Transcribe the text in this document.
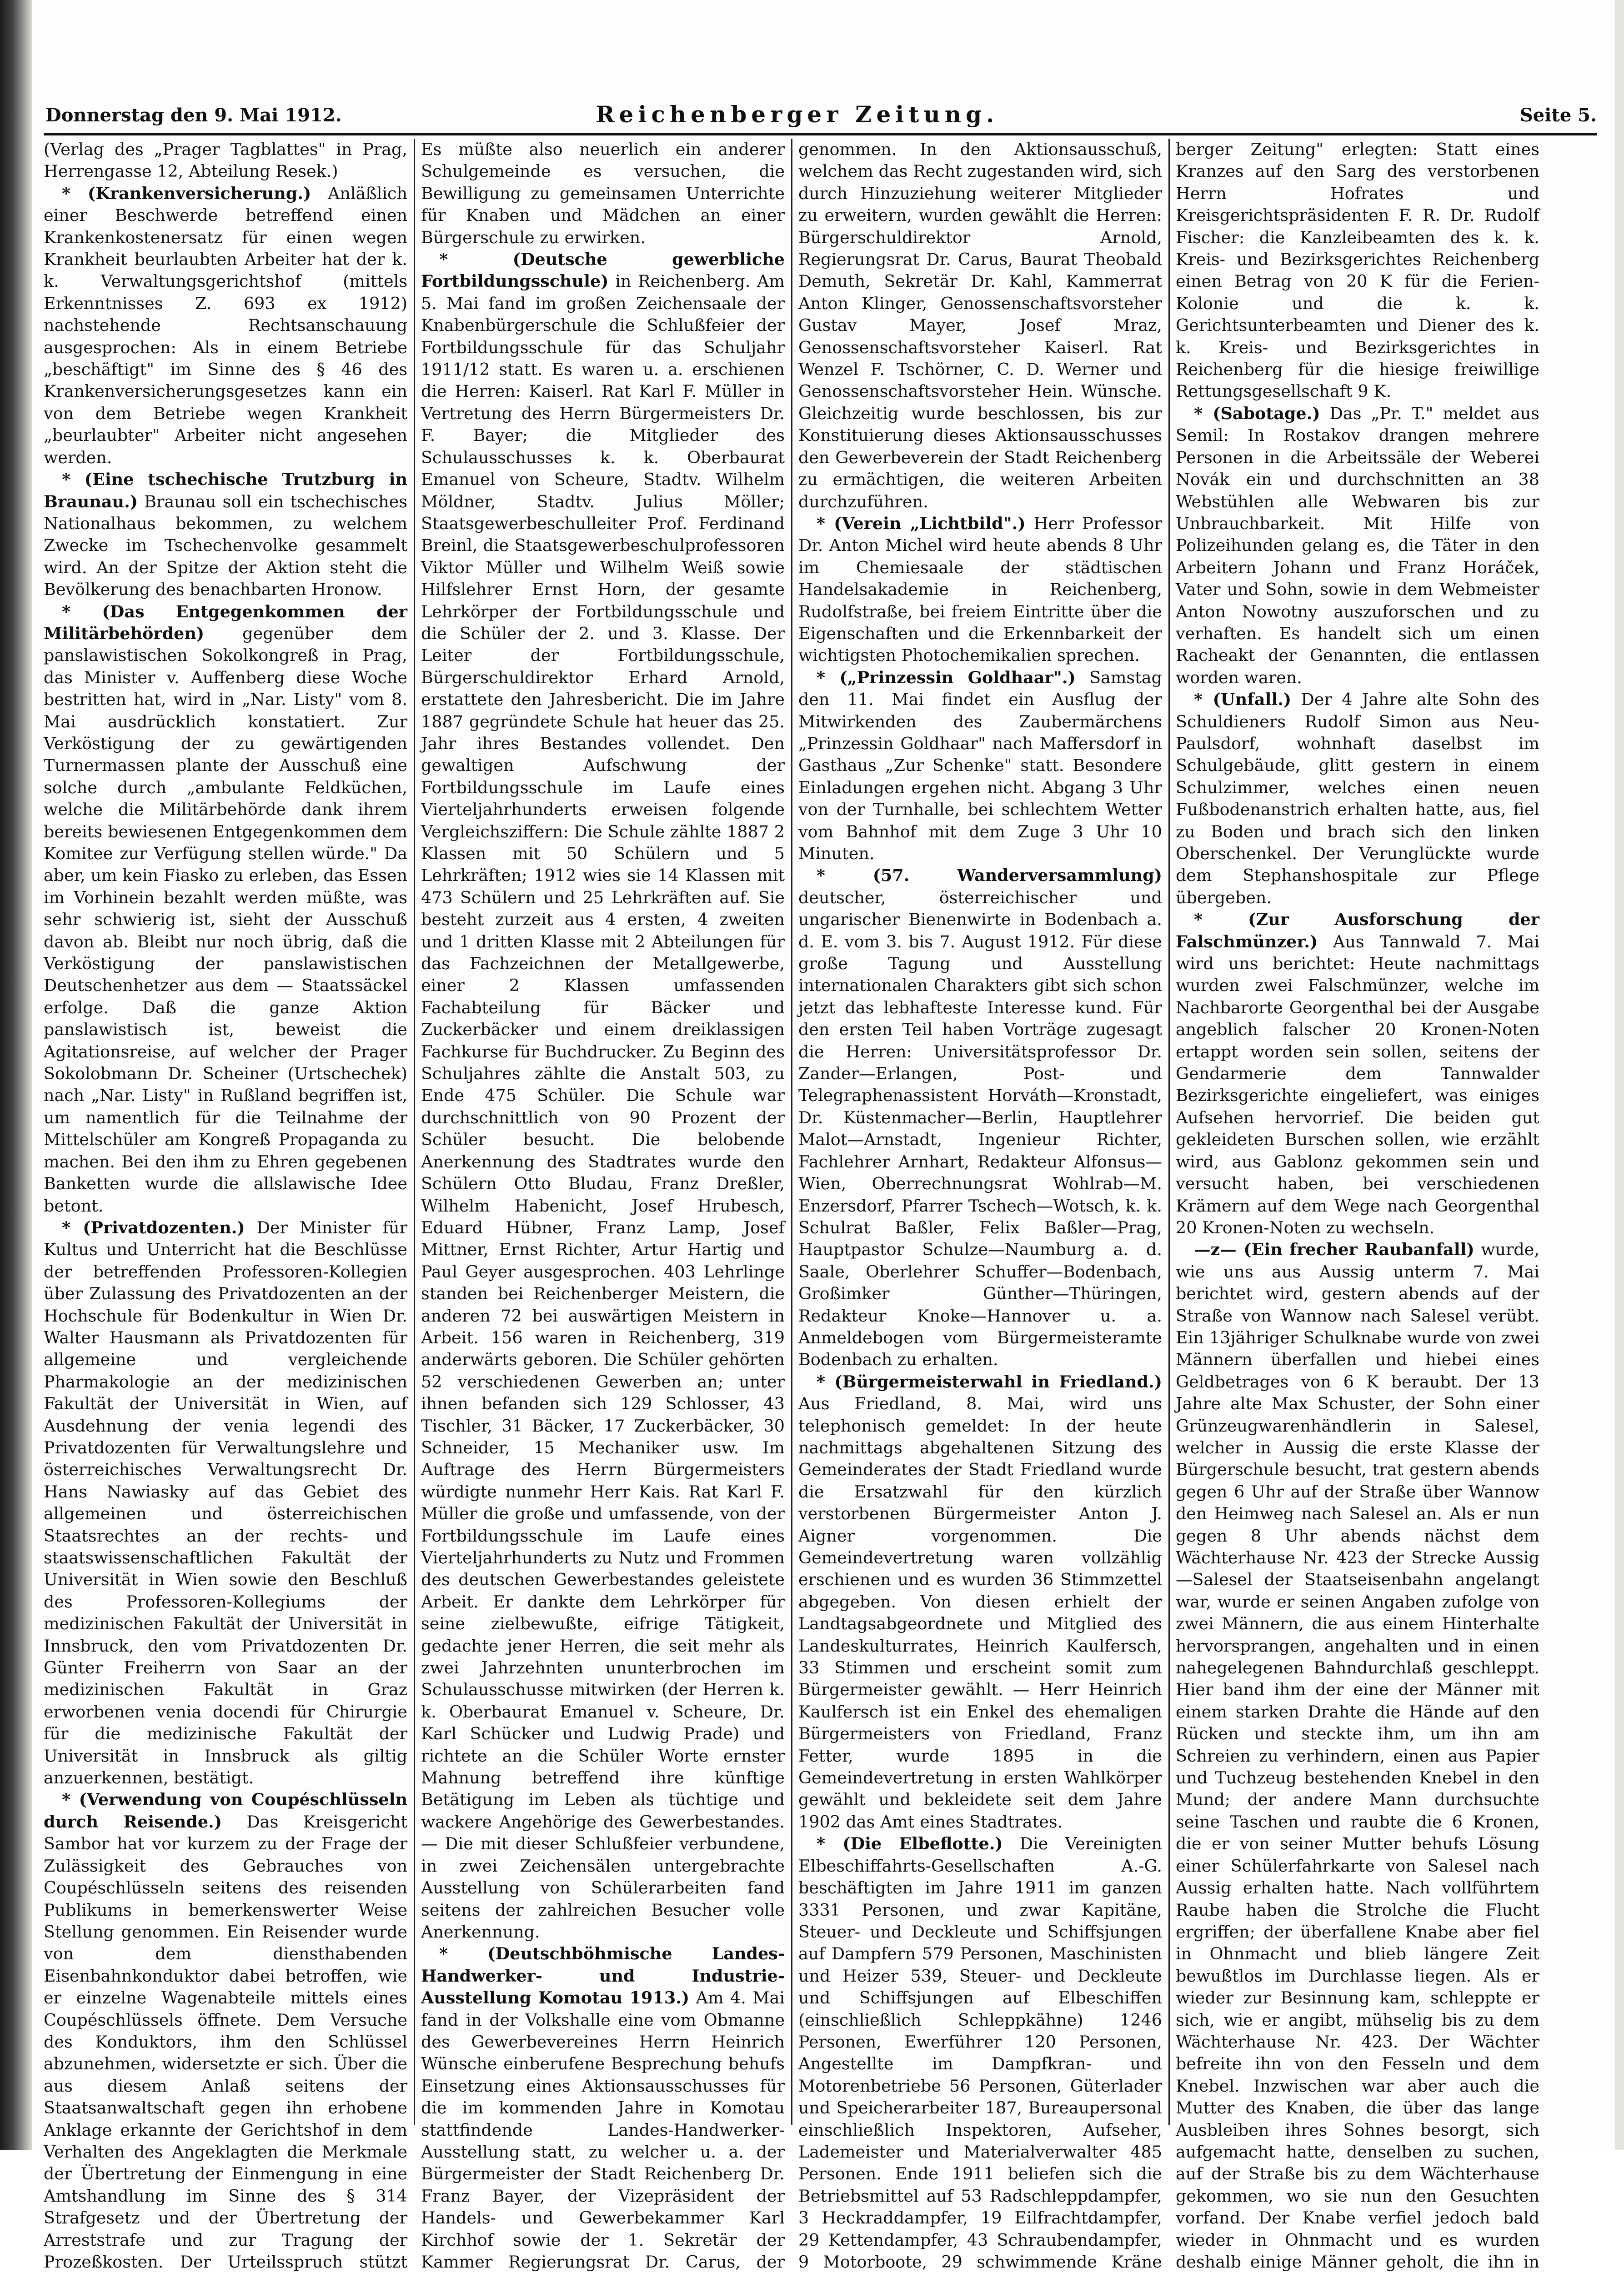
Donnerstag den 9. Mai 1912.	Reichenberger Zeitung.	Seite 5.

(Verlag des „Prager Tagblattes" in Prag, Herrengasse 12, Abteilung Resek.)

* (Krankenversicherung.) Anläßlich einer Beschwerde betreffend einen Krankenkostenersatz für einen wegen Krankheit beurlaubten Arbeiter hat der k. k. Verwaltungsgerichtshof (mittels Erkenntnisses Z. 693 ex 1912) nachstehende Rechtsanschauung ausgesprochen: Als in einem Betriebe „beschäftigt" im Sinne des § 46 des Krankenversicherungsgesetzes kann ein von dem Betriebe wegen Krankheit „beurlaubter" Arbeiter nicht angesehen werden.

* (Eine tschechische Trutzburg in Braunau.) Braunau soll ein tschechisches Nationalhaus bekommen, zu welchem Zwecke im Tschechenvolke gesammelt wird. An der Spitze der Aktion steht die Bevölkerung des benachbarten Hronow.

* (Das Entgegenkommen der Militärbehörden) gegenüber dem panslawistischen Sokolkongreß in Prag, das Minister v. Auffenberg diese Woche bestritten hat, wird in „Nar. Listy" vom 8. Mai ausdrücklich konstatiert. Zur Verköstigung der zu gewärtigenden Turnermassen plante der Ausschuß eine solche durch „ambulante Feldküchen, welche die Militärbehörde dank ihrem bereits bewiesenen Entgegenkommen dem Komitee zur Verfügung stellen würde." Da aber, um kein Fiasko zu erleben, das Essen im Vorhinein bezahlt werden müßte, was sehr schwierig ist, sieht der Ausschuß davon ab. Bleibt nur noch übrig, daß die Verköstigung der panslawistischen Deutschenhetzer aus dem — Staatssäckel erfolge. Daß die ganze Aktion panslawistisch ist, beweist die Agitationsreise, auf welcher der Prager Sokolobmann Dr. Scheiner (Urtschechek) nach „Nar. Listy" in Rußland begriffen ist, um namentlich für die Teilnahme der Mittelschüler am Kongreß Propaganda zu machen. Bei den ihm zu Ehren gegebenen Banketten wurde die allslawische Idee betont.

* (Privatdozenten.) Der Minister für Kultus und Unterricht hat die Beschlüsse der betreffenden Professoren-Kollegien über Zulassung des Privatdozenten an der Hochschule für Bodenkultur in Wien Dr. Walter Hausmann als Privatdozenten für allgemeine und vergleichende Pharmakologie an der medizinischen Fakultät der Universität in Wien, auf Ausdehnung der venia legendi des Privatdozenten für Verwaltungslehre und österreichisches Verwaltungsrecht Dr. Hans Nawiasky auf das Gebiet des allgemeinen und österreichischen Staatsrechtes an der rechts- und staatswissenschaftlichen Fakultät der Universität in Wien sowie den Beschluß des Professoren-Kollegiums der medizinischen Fakultät der Universität in Innsbruck, den vom Privatdozenten Dr. Günter Freiherrn von Saar an der medizinischen Fakultät in Graz erworbenen venia docendi für Chirurgie für die medizinische Fakultät der Universität in Innsbruck als giltig anzuerkennen, bestätigt.

* (Verwendung von Coupéschlüsseln durch Reisende.) Das Kreisgericht Sambor hat vor kurzem zu der Frage der Zulässigkeit des Gebrauches von Coupéschlüsseln seitens des reisenden Publikums in bemerkenswerter Weise Stellung genommen. Ein Reisender wurde von dem diensthabenden Eisenbahnkonduktor dabei betroffen, wie er einzelne Wagenabteile mittels eines Coupéschlüssels öffnete. Dem Versuche des Konduktors, ihm den Schlüssel abzunehmen, widersetzte er sich. Über die aus diesem Anlaß seitens der Staatsanwaltschaft gegen ihn erhobene Anklage erkannte der Gerichtshof in dem Verhalten des Angeklagten die Merkmale der Übertretung der Einmengung in eine Amtshandlung im Sinne des § 314 Strafgesetz und der Übertretung der Arreststrafe und zur Tragung der Prozeßkosten. Der Urteilsspruch stützt

Es müßte also neuerlich ein anderer Schulgemeinde es versuchen, die Bewilligung zu gemeinsamen Unterrichte für Knaben und Mädchen an einer Bürgerschule zu erwirken.

* (Deutsche gewerbliche Fortbildungsschule) in Reichenberg. Am 5. Mai fand im großen Zeichensaale der Knabenbürgerschule die Schlußfeier der Fortbildungsschule für das Schuljahr 1911/12 statt. Es waren u. a. erschienen die Herren: Kaiserl. Rat Karl F. Müller in Vertretung des Herrn Bürgermeisters Dr. F. Bayer; die Mitglieder des Schulausschusses k. k. Oberbaurat Emanuel von Scheure, Stadtv. Wilhelm Möldner, Stadtv. Julius Möller; Staatsgewerbeschulleiter Prof. Ferdinand Breinl, die Staatsgewerbeschulprofessoren Viktor Müller und Wilhelm Weiß sowie Hilfslehrer Ernst Horn, der gesamte Lehrkörper der Fortbildungsschule und die Schüler der 2. und 3. Klasse. Der Leiter der Fortbildungsschule, Bürgerschuldirektor Erhard Arnold, erstattete den Jahresbericht. Die im Jahre 1887 gegründete Schule hat heuer das 25. Jahr ihres Bestandes vollendet. Den gewaltigen Aufschwung der Fortbildungsschule im Laufe eines Vierteljahrhunderts erweisen folgende Vergleichsziffern: Die Schule zählte 1887 2 Klassen mit 50 Schülern und 5 Lehrkräften; 1912 wies sie 14 Klassen mit 473 Schülern und 25 Lehrkräften auf. Sie besteht zurzeit aus 4 ersten, 4 zweiten und 1 dritten Klasse mit 2 Abteilungen für das Fachzeichnen der Metallgewerbe, einer 2 Klassen umfassenden Fachabteilung für Bäcker und Zuckerbäcker und einem dreiklassigen Fachkurse für Buchdrucker. Zu Beginn des Schuljahres zählte die Anstalt 503, zu Ende 475 Schüler. Die Schule war durchschnittlich von 90 Prozent der Schüler besucht. Die belobende Anerkennung des Stadtrates wurde den Schülern Otto Bludau, Franz Dreßler, Wilhelm Habenicht, Josef Hrubesch, Eduard Hübner, Franz Lamp, Josef Mittner, Ernst Richter, Artur Hartig und Paul Geyer ausgesprochen. 403 Lehrlinge standen bei Reichenberger Meistern, die anderen 72 bei auswärtigen Meistern in Arbeit. 156 waren in Reichenberg, 319 anderwärts geboren. Die Schüler gehörten 52 verschiedenen Gewerben an; unter ihnen befanden sich 129 Schlosser, 43 Tischler, 31 Bäcker, 17 Zuckerbäcker, 30 Schneider, 15 Mechaniker usw. Im Auftrage des Herrn Bürgermeisters würdigte nunmehr Herr Kais. Rat Karl F. Müller die große und umfassende, von der Fortbildungsschule im Laufe eines Vierteljahrhunderts zu Nutz und Frommen des deutschen Gewerbestandes geleistete Arbeit. Er dankte dem Lehrkörper für seine zielbewußte, eifrige Tätigkeit, gedachte jener Herren, die seit mehr als zwei Jahrzehnten ununterbrochen im Schulausschusse mitwirken (der Herren k. k. Oberbaurat Emanuel v. Scheure, Dr. Karl Schücker und Ludwig Prade) und richtete an die Schüler Worte ernster Mahnung betreffend ihre künftige Betätigung im Leben als tüchtige und wackere Angehörige des Gewerbestandes. — Die mit dieser Schlußfeier verbundene, in zwei Zeichensälen untergebrachte Ausstellung von Schülerarbeiten fand seitens der zahlreichen Besucher volle Anerkennung.

* (Deutschböhmische Landes-Handwerker- und Industrie-Ausstellung Komotau 1913.) Am 4. Mai fand in der Volkshalle eine vom Obmanne des Gewerbevereines Herrn Heinrich Wünsche einberufene Besprechung behufs Einsetzung eines Aktionsausschusses für die im kommenden Jahre in Komotau stattfindende Landes-Handwerker-Ausstellung statt, zu welcher u. a. der Bürgermeister der Stadt Reichenberg Dr. Franz Bayer, der Vizepräsident der Handels- und Gewerbekammer Karl Kirchhof sowie der 1. Sekretär der Kammer Regierungsrat Dr. Carus, der

genommen. In den Aktionsausschuß, welchem das Recht zugestanden wird, sich durch Hinzuziehung weiterer Mitglieder zu erweitern, wurden gewählt die Herren: Bürgerschuldirektor Arnold, Regierungsrat Dr. Carus, Baurat Theobald Demuth, Sekretär Dr. Kahl, Kammerrat Anton Klinger, Genossenschaftsvorsteher Gustav Mayer, Josef Mraz, Genossenschaftsvorsteher Kaiserl. Rat Wenzel F. Tschörner, C. D. Werner und Genossenschaftsvorsteher Hein. Wünsche. Gleichzeitig wurde beschlossen, bis zur Konstituierung dieses Aktionsausschusses den Gewerbeverein der Stadt Reichenberg zu ermächtigen, die weiteren Arbeiten durchzuführen.

* (Verein „Lichtbild".) Herr Professor Dr. Anton Michel wird heute abends 8 Uhr im Chemiesaale der städtischen Handelsakademie in Reichenberg, Rudolfstraße, bei freiem Eintritte über die Eigenschaften und die Erkennbarkeit der wichtigsten Photochemikalien sprechen.

* („Prinzessin Goldhaar".) Samstag den 11. Mai findet ein Ausflug der Mitwirkenden des Zaubermärchens „Prinzessin Goldhaar" nach Maffersdorf in Gasthaus „Zur Schenke" statt. Besondere Einladungen ergehen nicht. Abgang 3 Uhr von der Turnhalle, bei schlechtem Wetter vom Bahnhof mit dem Zuge 3 Uhr 10 Minuten.

* (57. Wanderversammlung) deutscher, österreichischer und ungarischer Bienenwirte in Bodenbach a. d. E. vom 3. bis 7. August 1912. Für diese große Tagung und Ausstellung internationalen Charakters gibt sich schon jetzt das lebhafteste Interesse kund. Für den ersten Teil haben Vorträge zugesagt die Herren: Universitätsprofessor Dr. Zander—Erlangen, Post- und Telegraphenassistent Horváth—Kronstadt, Dr. Küstenmacher—Berlin, Hauptlehrer Malot—Arnstadt, Ingenieur Richter, Fachlehrer Arnhart, Redakteur Alfonsus—Wien, Oberrechnungsrat Wohlrab—M. Enzersdorf, Pfarrer Tschech—Wotsch, k. k. Schulrat Baßler, Felix Baßler—Prag, Hauptpastor Schulze—Naumburg a. d. Saale, Oberlehrer Schuffer—Bodenbach, Großimker Günther—Thüringen, Redakteur Knoke—Hannover u. a. Anmeldebogen vom Bürgermeisteramte Bodenbach zu erhalten.

* (Bürgermeisterwahl in Friedland.) Aus Friedland, 8. Mai, wird uns telephonisch gemeldet: In der heute nachmittags abgehaltenen Sitzung des Gemeinderates der Stadt Friedland wurde die Ersatzwahl für den kürzlich verstorbenen Bürgermeister Anton J. Aigner vorgenommen. Die Gemeindevertretung waren vollzählig erschienen und es wurden 36 Stimmzettel abgegeben. Von diesen erhielt der Landtagsabgeordnete und Mitglied des Landeskulturrates, Heinrich Kaulfersch, 33 Stimmen und erscheint somit zum Bürgermeister gewählt. — Herr Heinrich Kaulfersch ist ein Enkel des ehemaligen Bürgermeisters von Friedland, Franz Fetter, wurde 1895 in die Gemeindevertretung in ersten Wahlkörper gewählt und bekleidete seit dem Jahre 1902 das Amt eines Stadtrates.

* (Die Elbeflotte.) Die Vereinigten Elbeschiffahrts-Gesellschaften A.-G. beschäftigten im Jahre 1911 im ganzen 3331 Personen, und zwar Kapitäne, Steuer- und Deckleute und Schiffsjungen auf Dampfern 579 Personen, Maschinisten und Heizer 539, Steuer- und Deckleute und Schiffsjungen auf Elbeschiffen (einschließlich Schleppkähne) 1246 Personen, Ewerführer 120 Personen, Angestellte im Dampfkran- und Motorenbetriebe 56 Personen, Güterlader und Speicherarbeiter 187, Bureaupersonal einschließlich Inspektoren, Aufseher, Lademeister und Materialverwalter 485 Personen. Ende 1911 beliefen sich die Betriebsmittel auf 53 Radschleppdampfer, 3 Heckraddampfer, 19 Eilfrachtdampfer, 29 Kettendampfer, 43 Schraubendampfer, 9 Motorboote, 29 schwimmende Kräne

berger Zeitung" erlegten: Statt eines Kranzes auf den Sarg des verstorbenen Herrn Hofrates und Kreisgerichtspräsidenten F. R. Dr. Rudolf Fischer: die Kanzleibeamten des k. k. Kreis- und Bezirksgerichtes Reichenberg einen Betrag von 20 K für die Ferien-Kolonie und die k. k. Gerichtsunterbeamten und Diener des k. k. Kreis- und Bezirksgerichtes in Reichenberg für die hiesige freiwillige Rettungsgesellschaft 9 K.

* (Sabotage.) Das „Pr. T." meldet aus Semil: In Rostakov drangen mehrere Personen in die Arbeitssäle der Weberei Novák ein und durchschnitten an 38 Webstühlen alle Webwaren bis zur Unbrauchbarkeit. Mit Hilfe von Polizeihunden gelang es, die Täter in den Arbeitern Johann und Franz Horáček, Vater und Sohn, sowie in dem Webmeister Anton Nowotny auszuforschen und zu verhaften. Es handelt sich um einen Racheakt der Genannten, die entlassen worden waren.

* (Unfall.) Der 4 Jahre alte Sohn des Schuldieners Rudolf Simon aus Neu-Paulsdorf, wohnhaft daselbst im Schulgebäude, glitt gestern in einem Schulzimmer, welches einen neuen Fußbodenanstrich erhalten hatte, aus, fiel zu Boden und brach sich den linken Oberschenkel. Der Verunglückte wurde dem Stephanshospitale zur Pflege übergeben.

* (Zur Ausforschung der Falschmünzer.) Aus Tannwald 7. Mai wird uns berichtet: Heute nachmittags wurden zwei Falschmünzer, welche im Nachbarorte Georgenthal bei der Ausgabe angeblich falscher 20 Kronen-Noten ertappt worden sein sollen, seitens der Gendarmerie dem Tannwalder Bezirksgerichte eingeliefert, was einiges Aufsehen hervorrief. Die beiden gut gekleideten Burschen sollen, wie erzählt wird, aus Gablonz gekommen sein und versucht haben, bei verschiedenen Krämern auf dem Wege nach Georgenthal 20 Kronen-Noten zu wechseln.

—z— (Ein frecher Raubanfall) wurde, wie uns aus Aussig unterm 7. Mai berichtet wird, gestern abends auf der Straße von Wannow nach Salesel verübt. Ein 13jähriger Schulknabe wurde von zwei Männern überfallen und hiebei eines Geldbetrages von 6 K beraubt. Der 13 Jahre alte Max Schuster, der Sohn einer Grünzeugwarenhändlerin in Salesel, welcher in Aussig die erste Klasse der Bürgerschule besucht, trat gestern abends gegen 6 Uhr auf der Straße über Wannow den Heimweg nach Salesel an. Als er nun gegen 8 Uhr abends nächst dem Wächterhause Nr. 423 der Strecke Aussig—Salesel der Staatseisenbahn angelangt war, wurde er seinen Angaben zufolge von zwei Männern, die aus einem Hinterhalte hervorsprangen, angehalten und in einen nahegelegenen Bahndurchlaß geschleppt. Hier band ihm der eine der Männer mit einem starken Drahte die Hände auf den Rücken und steckte ihm, um ihn am Schreien zu verhindern, einen aus Papier und Tuchzeug bestehenden Knebel in den Mund; der andere Mann durchsuchte seine Taschen und raubte die 6 Kronen, die er von seiner Mutter behufs Lösung einer Schülerfahrkarte von Salesel nach Aussig erhalten hatte. Nach vollführtem Raube haben die Strolche die Flucht ergriffen; der überfallene Knabe aber fiel in Ohnmacht und blieb längere Zeit bewußtlos im Durchlasse liegen. Als er wieder zur Besinnung kam, schleppte er sich, wie er angibt, mühselig bis zu dem Wächterhause Nr. 423. Der Wächter befreite ihn von den Fesseln und dem Knebel. Inzwischen war aber auch die Mutter des Knaben, die über das lange Ausbleiben ihres Sohnes besorgt, sich aufgemacht hatte, denselben zu suchen, auf der Straße bis zu dem Wächterhause gekommen, wo sie nun den Gesuchten vorfand. Der Knabe verfiel jedoch bald wieder in Ohnmacht und es wurden deshalb einige Männer geholt, die ihn in
